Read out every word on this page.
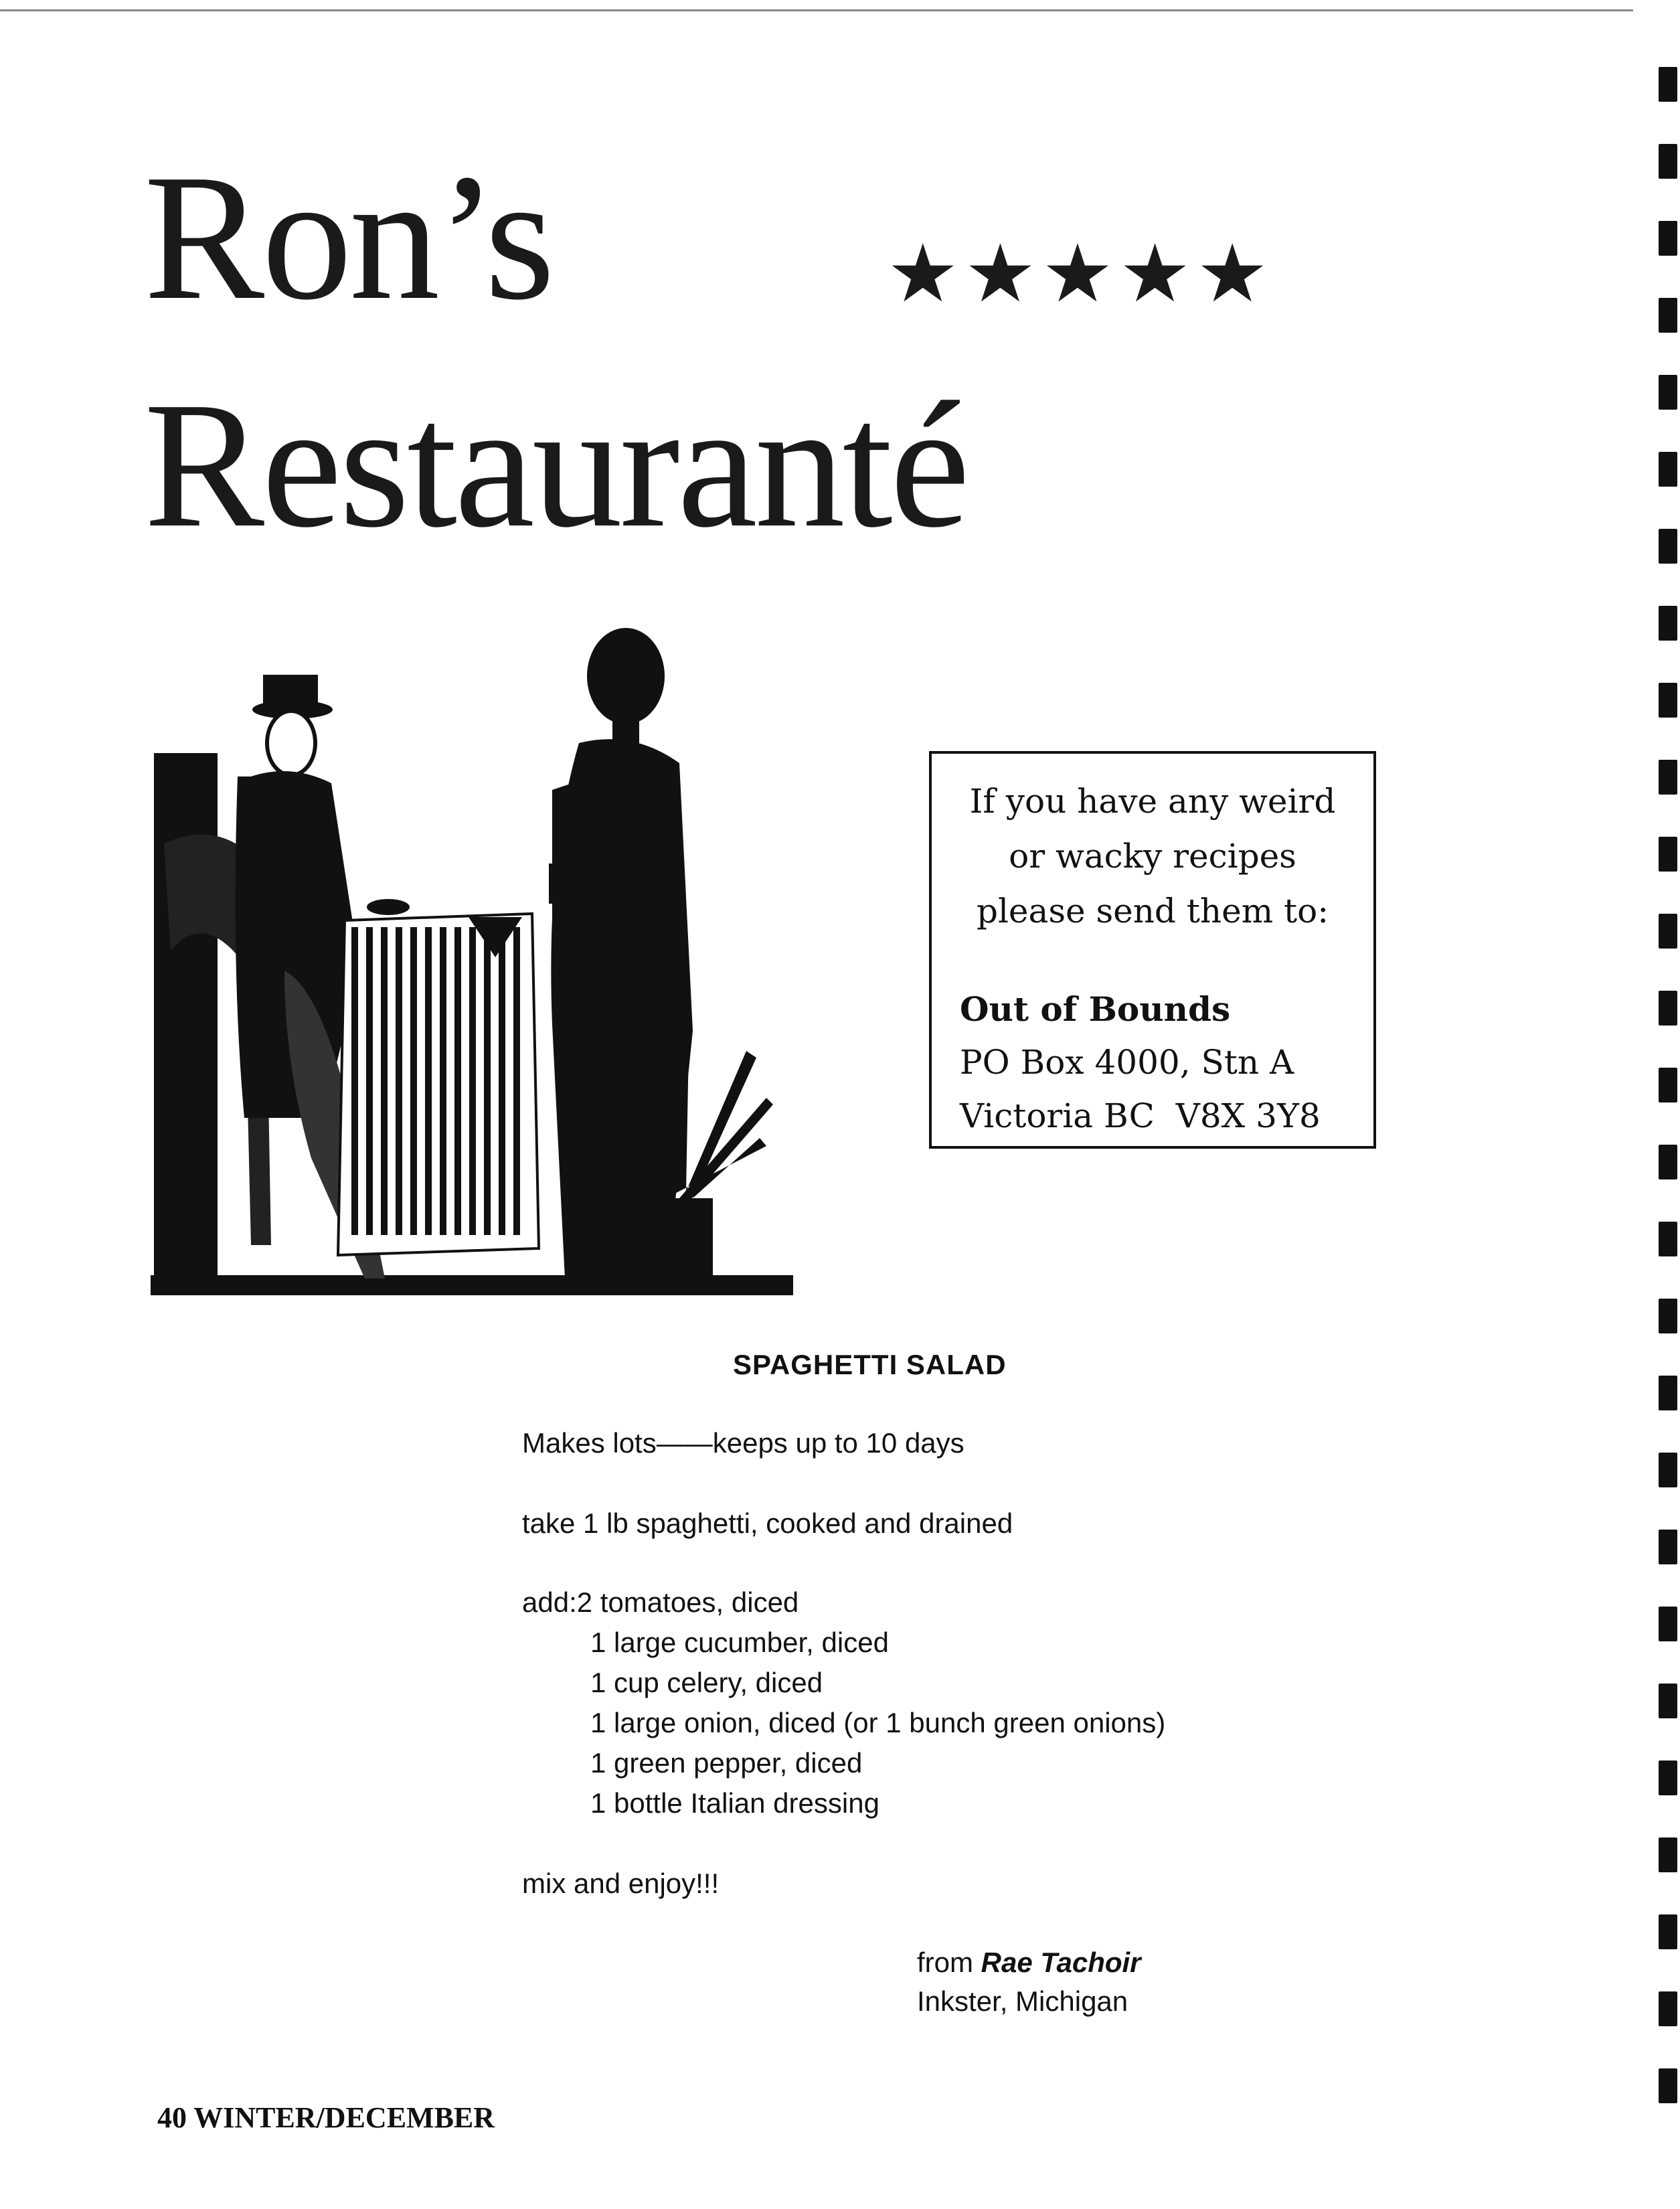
Ron’s	★★★★★
Restauranté
If you have any weird
or wacky recipes
please send them to:
Out of Bounds
PO Box 4000, Stn A
Victoria BC  V8X 3Y8
SPAGHETTI SALAD
Makes lots——keeps up to 10 days
take 1 lb spaghetti, cooked and drained
add:2 tomatoes, diced
1 large cucumber, diced
1 cup celery, diced
1 large onion, diced (or 1 bunch green onions)
1 green pepper, diced
1 bottle Italian dressing
mix and enjoy!!!
from Rae Tachoir
Inkster, Michigan
40 WINTER/DECEMBER
